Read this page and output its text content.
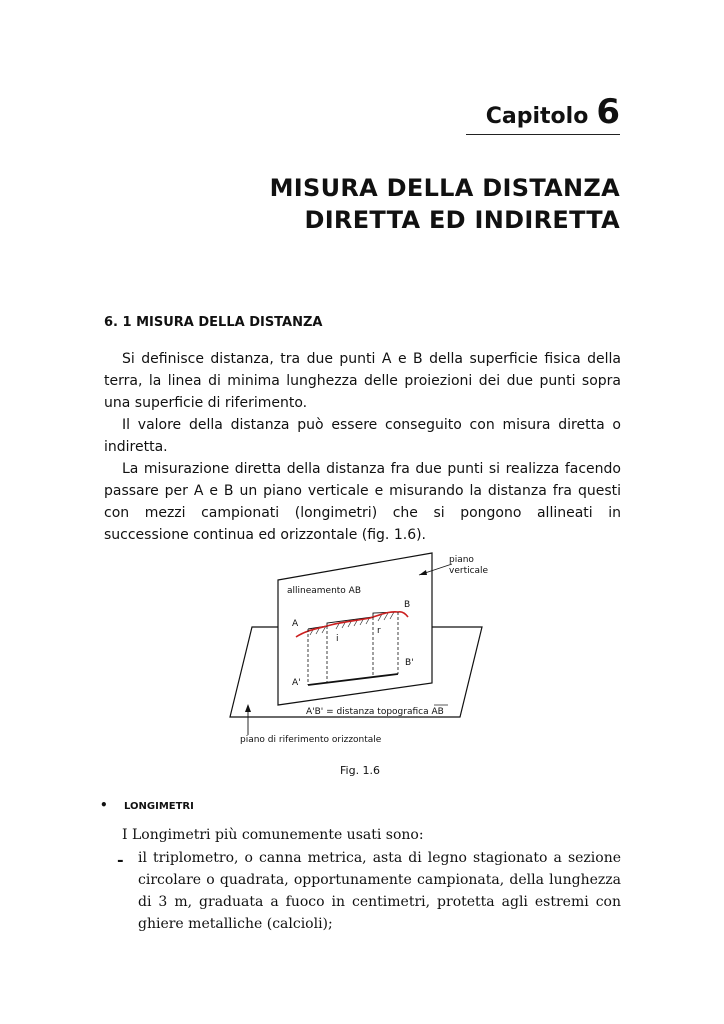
Capitolo 6
MISURA DELLA DISTANZA
DIRETTA ED INDIRETTA
6. 1 MISURA DELLA DISTANZA

Si definisce distanza, tra due punti A e B della superficie fisica della terra, la linea di minima lunghezza delle proiezioni dei due punti sopra una superficie di riferimento.

Il valore della distanza può essere conseguito con misura diretta o indiretta.

La misurazione diretta della distanza fra due punti si realizza facendo passare per A e B un piano verticale e misurando la distanza fra questi con mezzi campionati (longimetri) che si pongono allineati in successione continua ed orizzontale (fig. 1.6).

piano
verticale
allineamento AB
A
B
i
r
A'
B'
A'B' = distanza topografica AB
piano di riferimento orizzontale
Fig. 1.6
• LONGIMETRI
I Longimetri più comunemente usati sono:
- il triplometro, o canna metrica, asta di legno stagionato a sezione circolare o quadrata, opportunamente campionata, della lunghezza di 3 m, graduata a fuoco in centimetri, protetta agli estremi con ghiere metalliche (calcioli);
